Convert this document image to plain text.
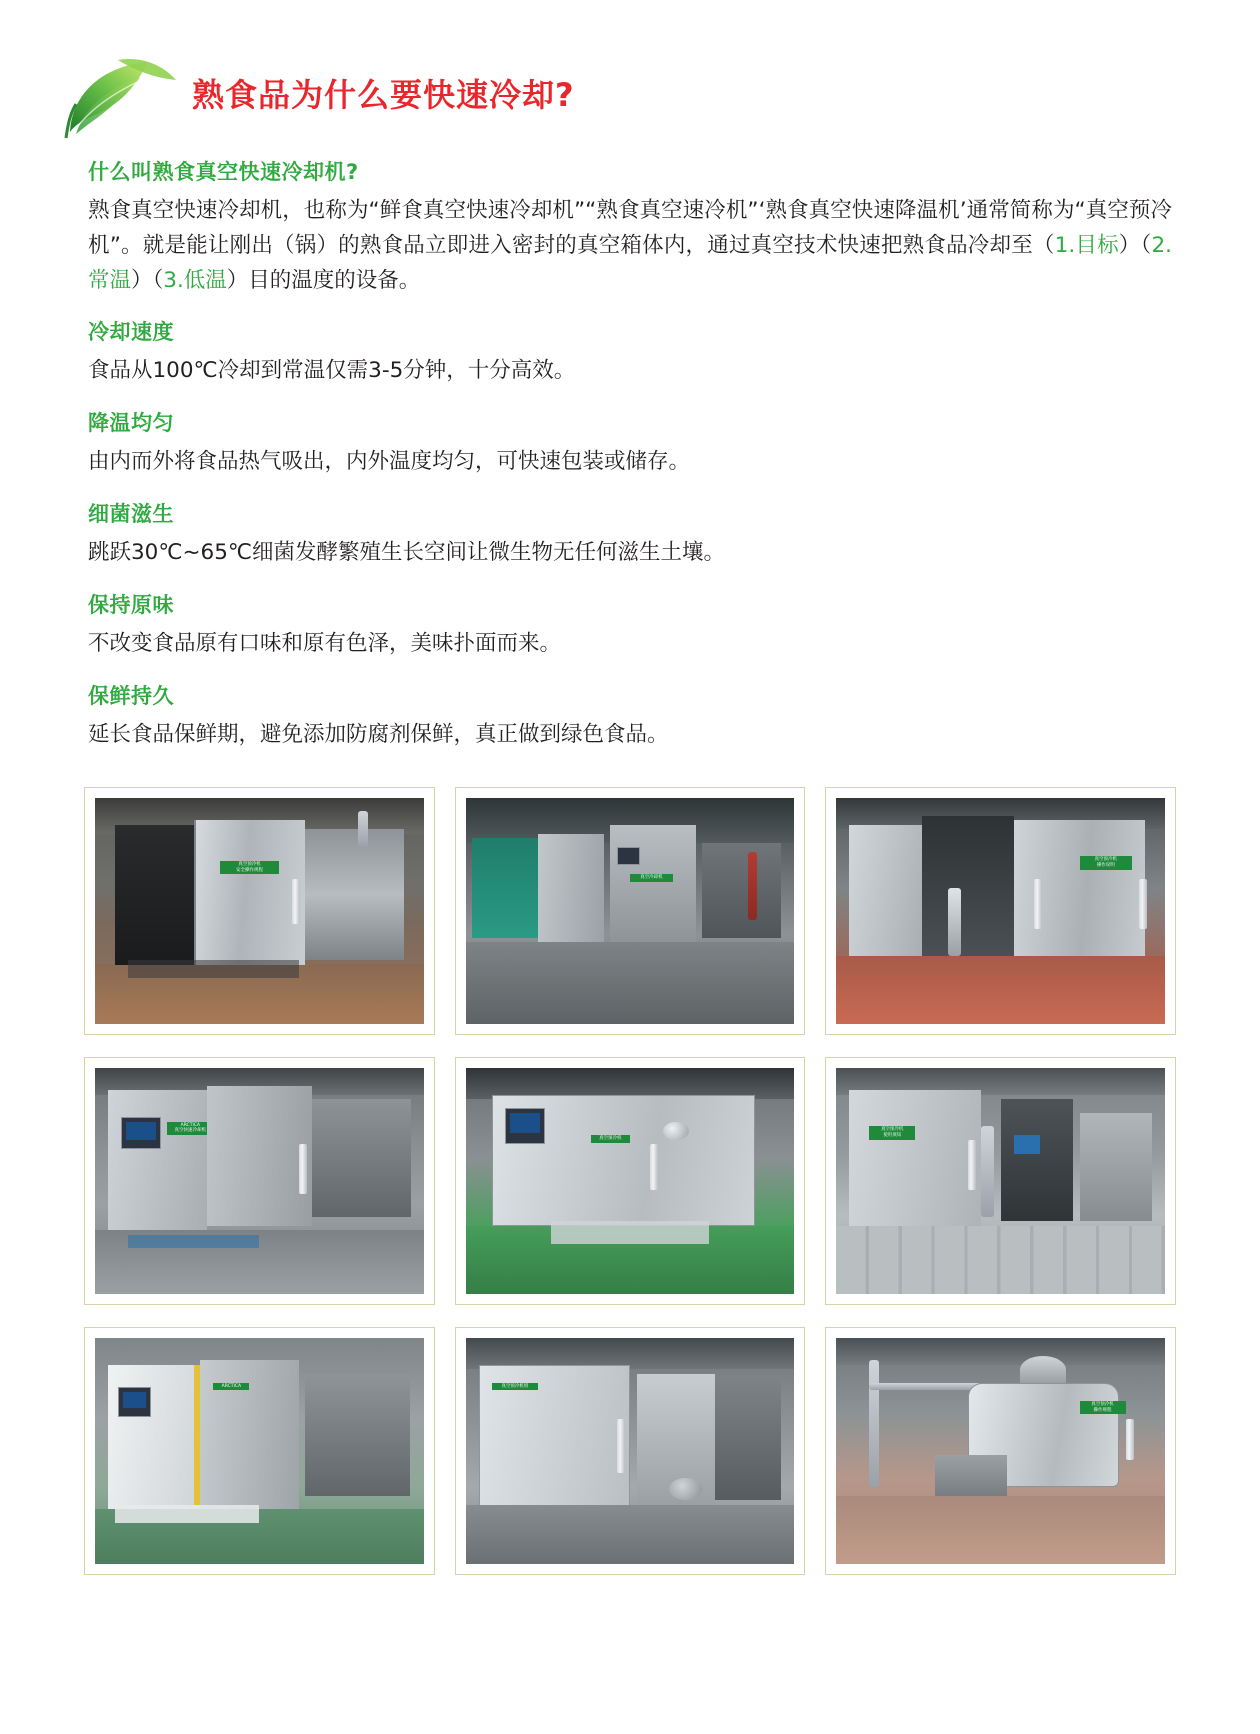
熟食品为什么要快速冷却?
什么叫熟食真空快速冷却机?

熟食真空快速冷却机，也称为“鲜食真空快速冷却机”“熟食真空速冷机”‘熟食真空快速降温机’通常简称为“真空预冷机”。就是能让刚出（锅）的熟食品立即进入密封的真空箱体内，通过真空技术快速把熟食品冷却至（1.目标）（2.常温）（3.低温）目的温度的设备。

冷却速度

食品从100℃冷却到常温仅需3-5分钟，十分高效。

降温均匀

由内而外将食品热气吸出，内外温度均匀，可快速包装或储存。

细菌滋生

跳跃30℃~65℃细菌发酵繁殖生长空间让微生物无任何滋生土壤。

保持原味

不改变食品原有口味和原有色泽，美味扑面而来。

保鲜持久

延长食品保鲜期，避免添加防腐剂保鲜，真正做到绿色食品。

真空预冷机
安全操作规程
真空冷却机
真空预冷机
操作说明
ARCTICA
真空快速冷却机
真空预冷机
真空预冷机
使用须知
ARCTICA	真空预冷机组
真空预冷机
操作规程
